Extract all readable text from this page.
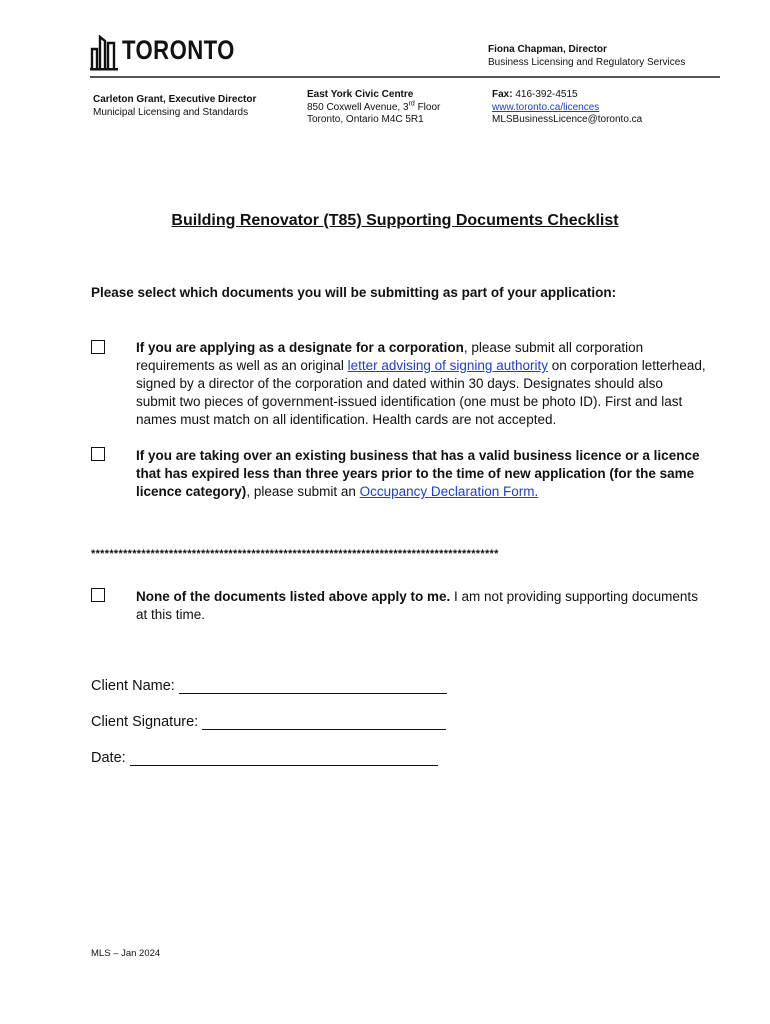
TORONTO	Fiona Chapman, Director
Business Licensing and Regulatory Services
Carleton Grant, Executive Director
Municipal Licensing and Standards
East York Civic Centre
850 Coxwell Avenue, 3rd Floor
Toronto, Ontario M4C 5R1
Fax: 416-392-4515
www.toronto.ca/licences
MLSBusinessLicence@toronto.ca
Building Renovator (T85) Supporting Documents Checklist
Please select which documents you will be submitting as part of your application:
If you are applying as a designate for a corporation, please submit all corporation requirements as well as an original letter advising of signing authority on corporation letterhead, signed by a director of the corporation and dated within 30 days. Designates should also submit two pieces of government-issued identification (one must be photo ID). First and last names must match on all identification. Health cards are not accepted.
If you are taking over an existing business that has a valid business licence or a licence that has expired less than three years prior to the time of new application (for the same licence category), please submit an Occupancy Declaration Form.
*****************************************************************************************
None of the documents listed above apply to me. I am not providing supporting documents at this time.
Client Name:
Client Signature:
Date:
MLS – Jan 2024
